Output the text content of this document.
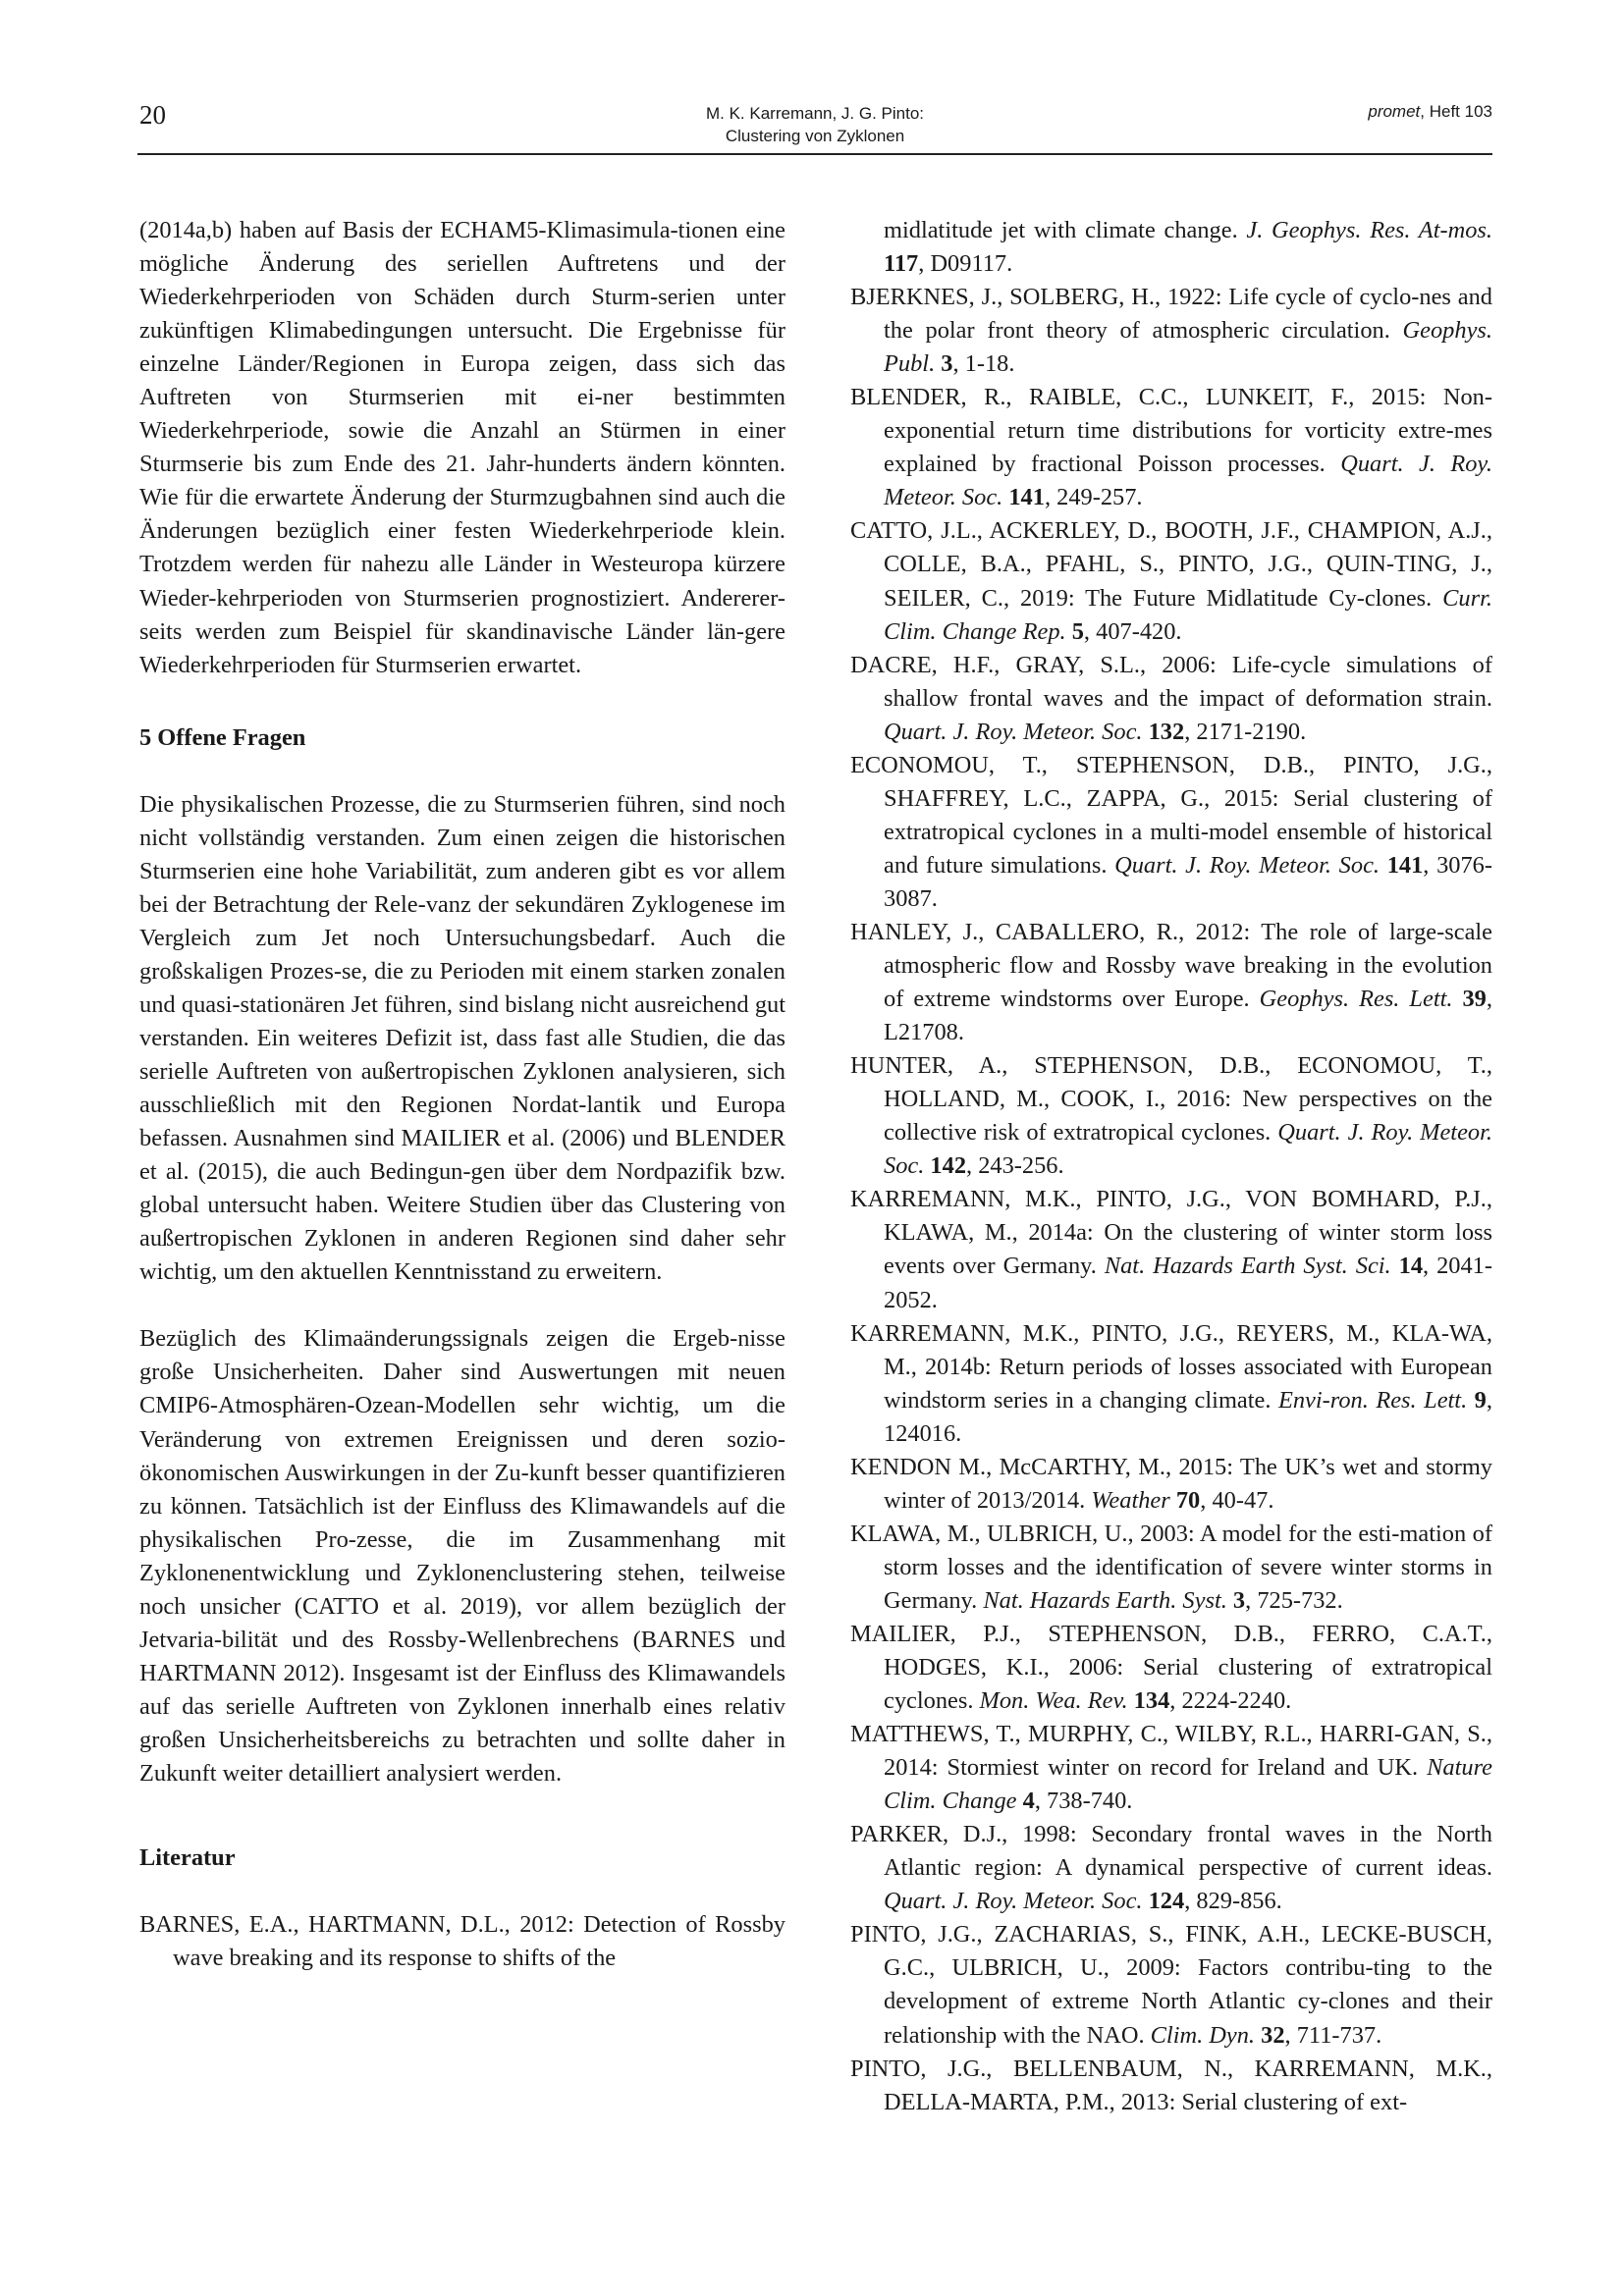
20	M. K. Karremann, J. G. Pinto:
Clustering von Zyklonen
promet, Heft 103

(2014a,b) haben auf Basis der ECHAM5-Klimasimula-tionen eine mögliche Änderung des seriellen Auftretens und der Wiederkehrperioden von Schäden durch Sturm-serien unter zukünftigen Klimabedingungen untersucht. Die Ergebnisse für einzelne Länder/Regionen in Europa zeigen, dass sich das Auftreten von Sturmserien mit ei-ner bestimmten Wiederkehrperiode, sowie die Anzahl an Stürmen in einer Sturmserie bis zum Ende des 21. Jahr-hunderts ändern könnten. Wie für die erwartete Änderung der Sturmzugbahnen sind auch die Änderungen bezüglich einer festen Wiederkehrperiode klein. Trotzdem werden für nahezu alle Länder in Westeuropa kürzere Wieder-kehrperioden von Sturmserien prognostiziert. Andererer-seits werden zum Beispiel für skandinavische Länder län-gere Wiederkehrperioden für Sturmserien erwartet.

5 Offene Fragen

Die physikalischen Prozesse, die zu Sturmserien führen, sind noch nicht vollständig verstanden. Zum einen zeigen die historischen Sturmserien eine hohe Variabilität, zum anderen gibt es vor allem bei der Betrachtung der Rele-vanz der sekundären Zyklogenese im Vergleich zum Jet noch Untersuchungsbedarf. Auch die großskaligen Prozes-se, die zu Perioden mit einem starken zonalen und quasi-stationären Jet führen, sind bislang nicht ausreichend gut verstanden. Ein weiteres Defizit ist, dass fast alle Studien, die das serielle Auftreten von außertropischen Zyklonen analysieren, sich ausschließlich mit den Regionen Nordat-lantik und Europa befassen. Ausnahmen sind MAILIER et al. (2006) und BLENDER et al. (2015), die auch Bedingun-gen über dem Nordpazifik bzw. global untersucht haben. Weitere Studien über das Clustering von außertropischen Zyklonen in anderen Regionen sind daher sehr wichtig, um den aktuellen Kenntnisstand zu erweitern.

Bezüglich des Klimaänderungssignals zeigen die Ergeb-nisse große Unsicherheiten. Daher sind Auswertungen mit neuen CMIP6-Atmosphären-Ozean-Modellen sehr wichtig, um die Veränderung von extremen Ereignissen und deren sozio-ökonomischen Auswirkungen in der Zu-kunft besser quantifizieren zu können. Tatsächlich ist der Einfluss des Klimawandels auf die physikalischen Pro-zesse, die im Zusammenhang mit Zyklonenentwicklung und Zyklonenclustering stehen, teilweise noch unsicher (CATTO et al. 2019), vor allem bezüglich der Jetvaria-bilität und des Rossby-Wellenbrechens (BARNES und HARTMANN 2012). Insgesamt ist der Einfluss des Klimawandels auf das serielle Auftreten von Zyklonen innerhalb eines relativ großen Unsicherheitsbereichs zu betrachten und sollte daher in Zukunft weiter detailliert analysiert werden.

Literatur

BARNES, E.A., HARTMANN, D.L., 2012: Detection of Rossby wave breaking and its response to shifts of the

midlatitude jet with climate change. J. Geophys. Res. At-mos. 117, D09117.

BJERKNES, J., SOLBERG, H., 1922: Life cycle of cyclo-nes and the polar front theory of atmospheric circulation. Geophys. Publ. 3, 1-18.

BLENDER, R., RAIBLE, C.C., LUNKEIT, F., 2015: Non-exponential return time distributions for vorticity extre-mes explained by fractional Poisson processes. Quart. J. Roy. Meteor. Soc. 141, 249-257.

CATTO, J.L., ACKERLEY, D., BOOTH, J.F., CHAMPION, A.J., COLLE, B.A., PFAHL, S., PINTO, J.G., QUIN-TING, J., SEILER, C., 2019: The Future Midlatitude Cy-clones. Curr. Clim. Change Rep. 5, 407-420.

DACRE, H.F., GRAY, S.L., 2006: Life-cycle simulations of shallow frontal waves and the impact of deformation strain. Quart. J. Roy. Meteor. Soc. 132, 2171-2190.

ECONOMOU, T., STEPHENSON, D.B., PINTO, J.G., SHAFFREY, L.C., ZAPPA, G., 2015: Serial clustering of extratropical cyclones in a multi-model ensemble of historical and future simulations. Quart. J. Roy. Meteor. Soc. 141, 3076-3087.

HANLEY, J., CABALLERO, R., 2012: The role of large-scale atmospheric flow and Rossby wave breaking in the evolution of extreme windstorms over Europe. Geophys. Res. Lett. 39, L21708.

HUNTER, A., STEPHENSON, D.B., ECONOMOU, T., HOLLAND, M., COOK, I., 2016: New perspectives on the collective risk of extratropical cyclones. Quart. J. Roy. Meteor. Soc. 142, 243-256.

KARREMANN, M.K., PINTO, J.G., VON BOMHARD, P.J., KLAWA, M., 2014a: On the clustering of winter storm loss events over Germany. Nat. Hazards Earth Syst. Sci. 14, 2041-2052.

KARREMANN, M.K., PINTO, J.G., REYERS, M., KLA-WA, M., 2014b: Return periods of losses associated with European windstorm series in a changing climate. Envi-ron. Res. Lett. 9, 124016.

KENDON M., McCARTHY, M., 2015: The UK’s wet and stormy winter of 2013/2014. Weather 70, 40-47.

KLAWA, M., ULBRICH, U., 2003: A model for the esti-mation of storm losses and the identification of severe winter storms in Germany. Nat. Hazards Earth. Syst. 3, 725-732.

MAILIER, P.J., STEPHENSON, D.B., FERRO, C.A.T., HODGES, K.I., 2006: Serial clustering of extratropical cyclones. Mon. Wea. Rev. 134, 2224-2240.

MATTHEWS, T., MURPHY, C., WILBY, R.L., HARRI-GAN, S., 2014: Stormiest winter on record for Ireland and UK. Nature Clim. Change 4, 738-740.

PARKER, D.J., 1998: Secondary frontal waves in the North Atlantic region: A dynamical perspective of current ideas. Quart. J. Roy. Meteor. Soc. 124, 829-856.

PINTO, J.G., ZACHARIAS, S., FINK, A.H., LECKE-BUSCH, G.C., ULBRICH, U., 2009: Factors contribu-ting to the development of extreme North Atlantic cy-clones and their relationship with the NAO. Clim. Dyn. 32, 711-737.

PINTO, J.G., BELLENBAUM, N., KARREMANN, M.K., DELLA-MARTA, P.M., 2013: Serial clustering of ext-
